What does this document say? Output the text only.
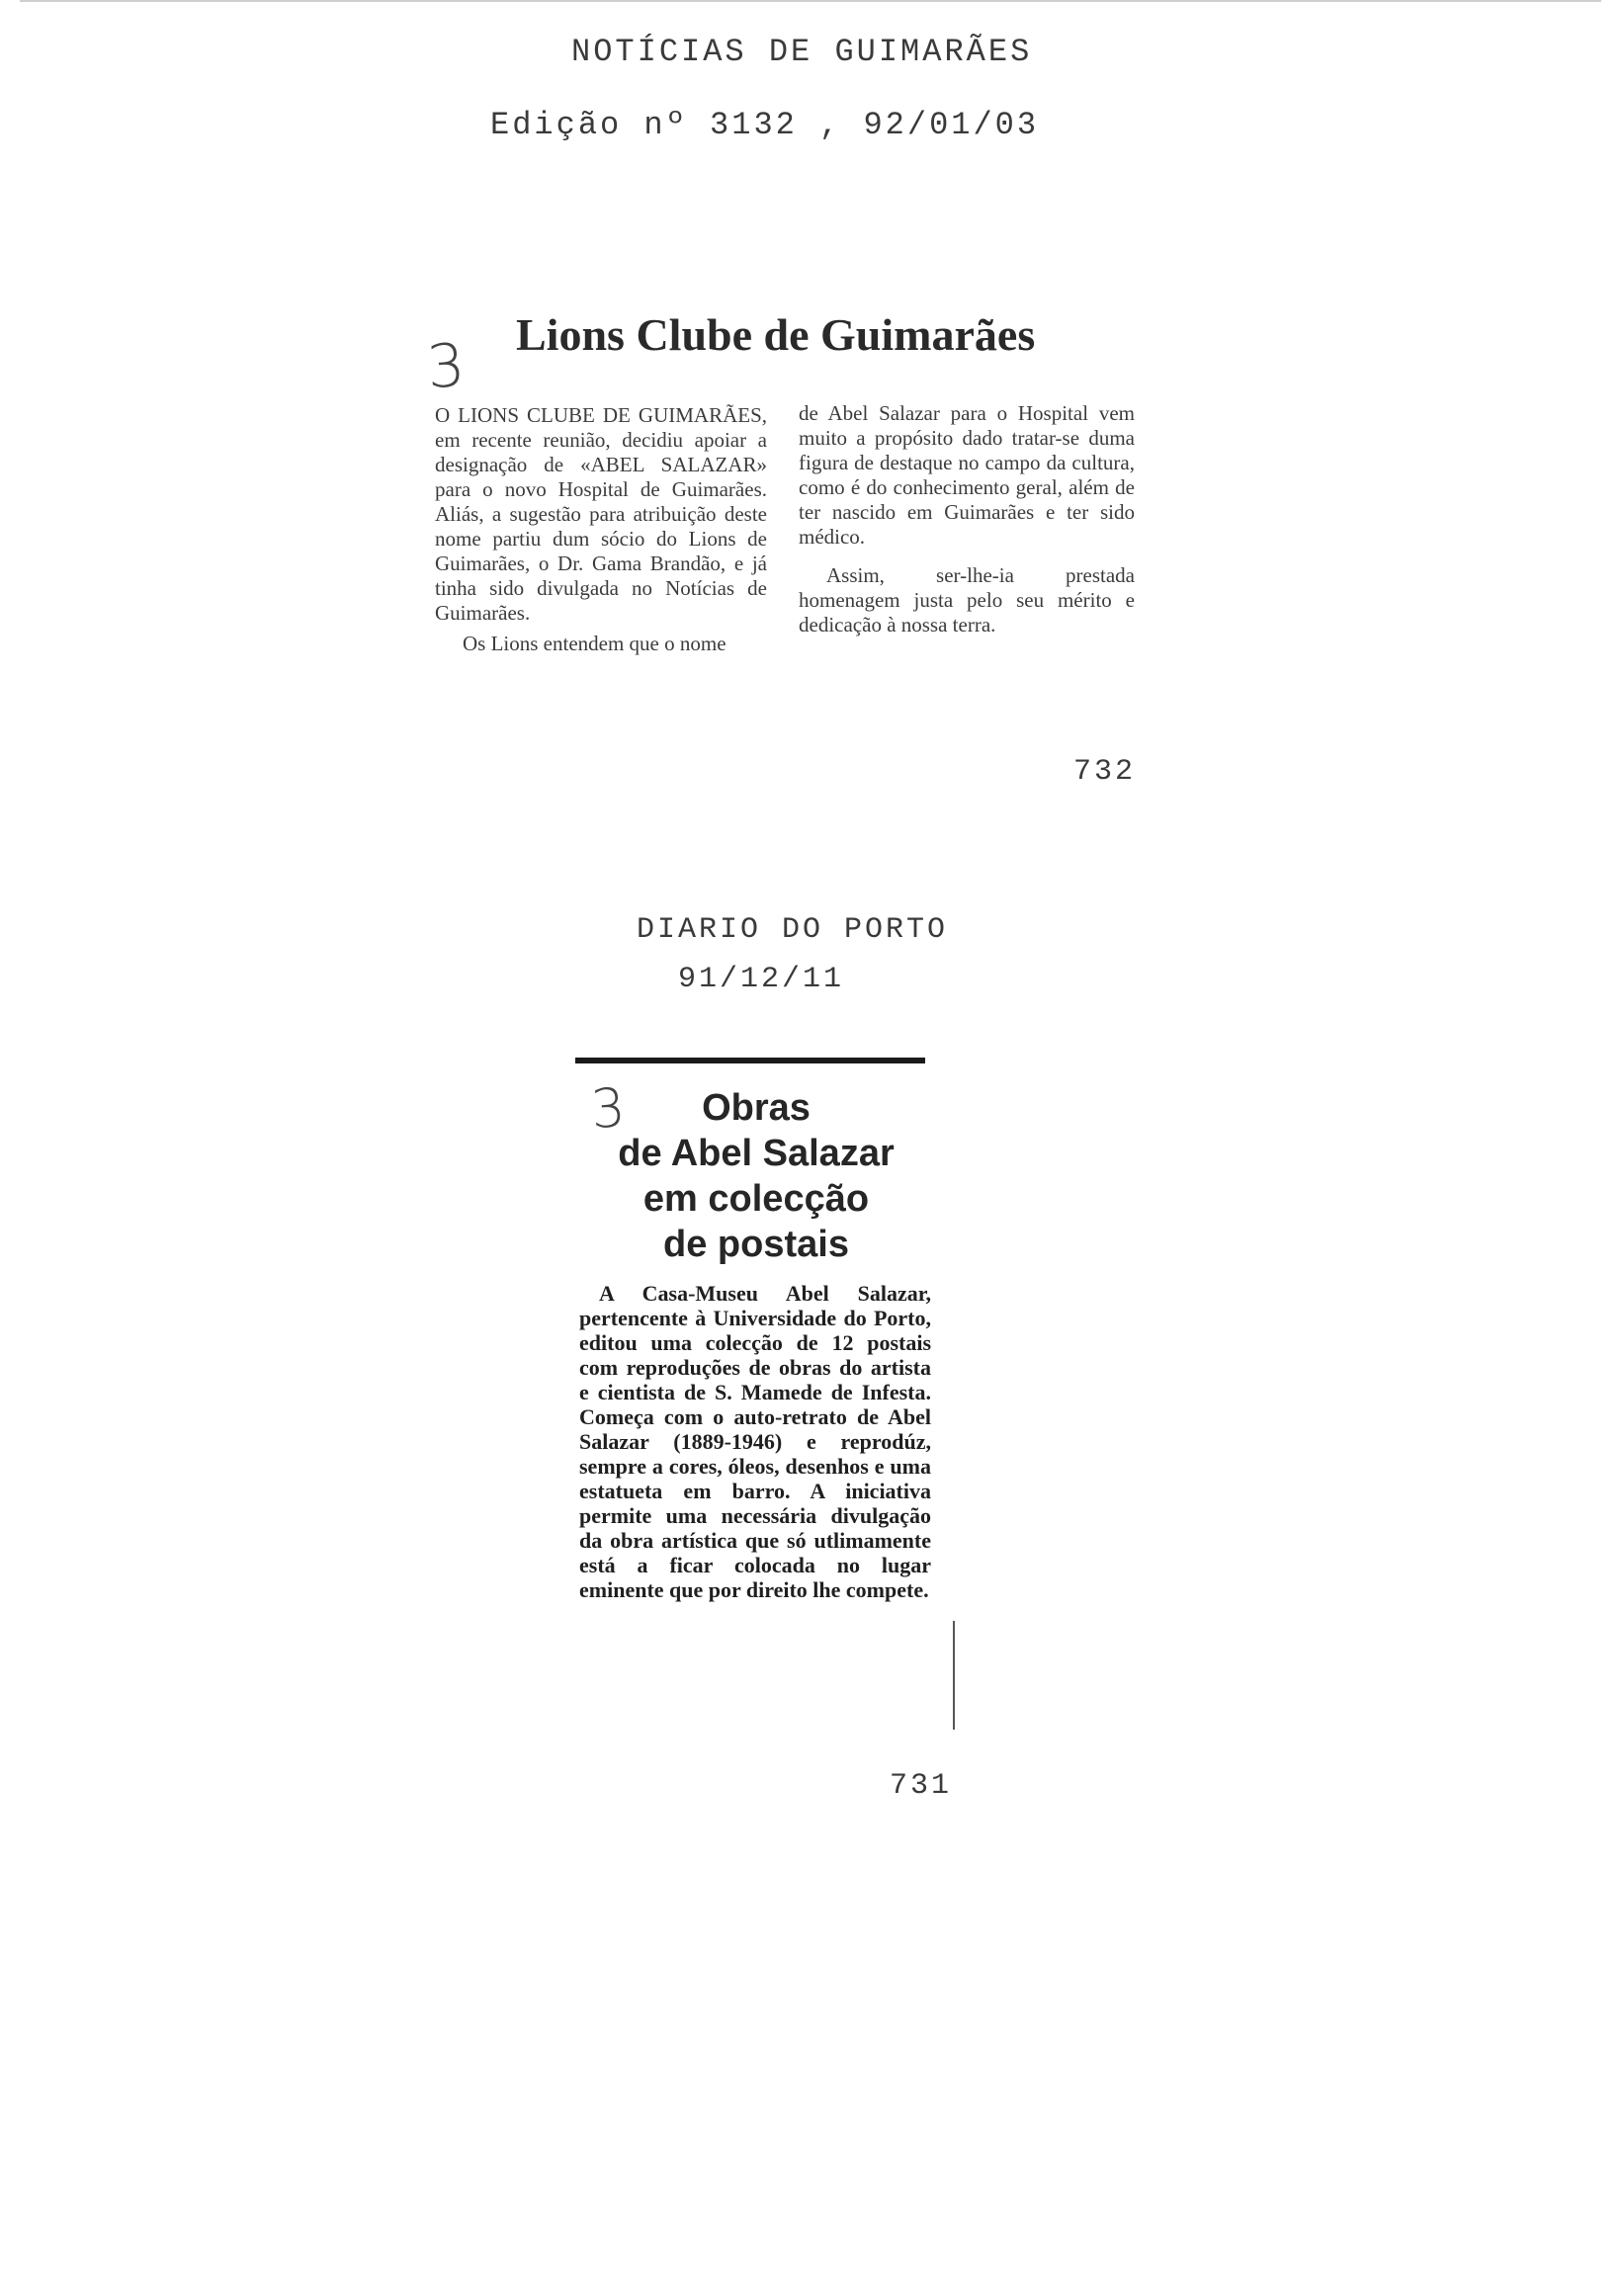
NOTÍCIAS DE GUIMARÃES
Edição nº 3132 , 92/01/03
3 Lions Clube de Guimarães

O LIONS CLUBE DE GUIMARÃES, em recente reunião, decidiu apoiar a designação de «ABEL SALAZAR» para o novo Hospital de Guimarães. Aliás, a sugestão para atribuição deste nome partiu dum sócio do Lions de Guimarães, o Dr. Gama Brandão, e já tinha sido divulgada no Notícias de Guimarães.

Os Lions entendem que o nome

de Abel Salazar para o Hospital vem muito a propósito dado tratar-se duma figura de destaque no campo da cultura, como é do conhecimento geral, além de ter nascido em Guimarães e ter sido médico.

Assim, ser-lhe-ia prestada homenagem justa pelo seu mérito e dedicação à nossa terra.

732
DIARIO DO PORTO
91/12/11
3	Obras
de Abel Salazar
em colecção
de postais

A Casa-Museu Abel Salazar, pertencente à Universidade do Porto, editou uma colecção de 12 postais com reproduções de obras do artista e cientista de S. Mamede de Infesta. Começa com o auto-retrato de Abel Salazar (1889-1946) e reprodúz, sempre a cores, óleos, desenhos e uma estatueta em barro. A iniciativa permite uma necessária divulgação da obra artística que só utlimamente está a ficar colocada no lugar eminente que por direito lhe compete.

731
